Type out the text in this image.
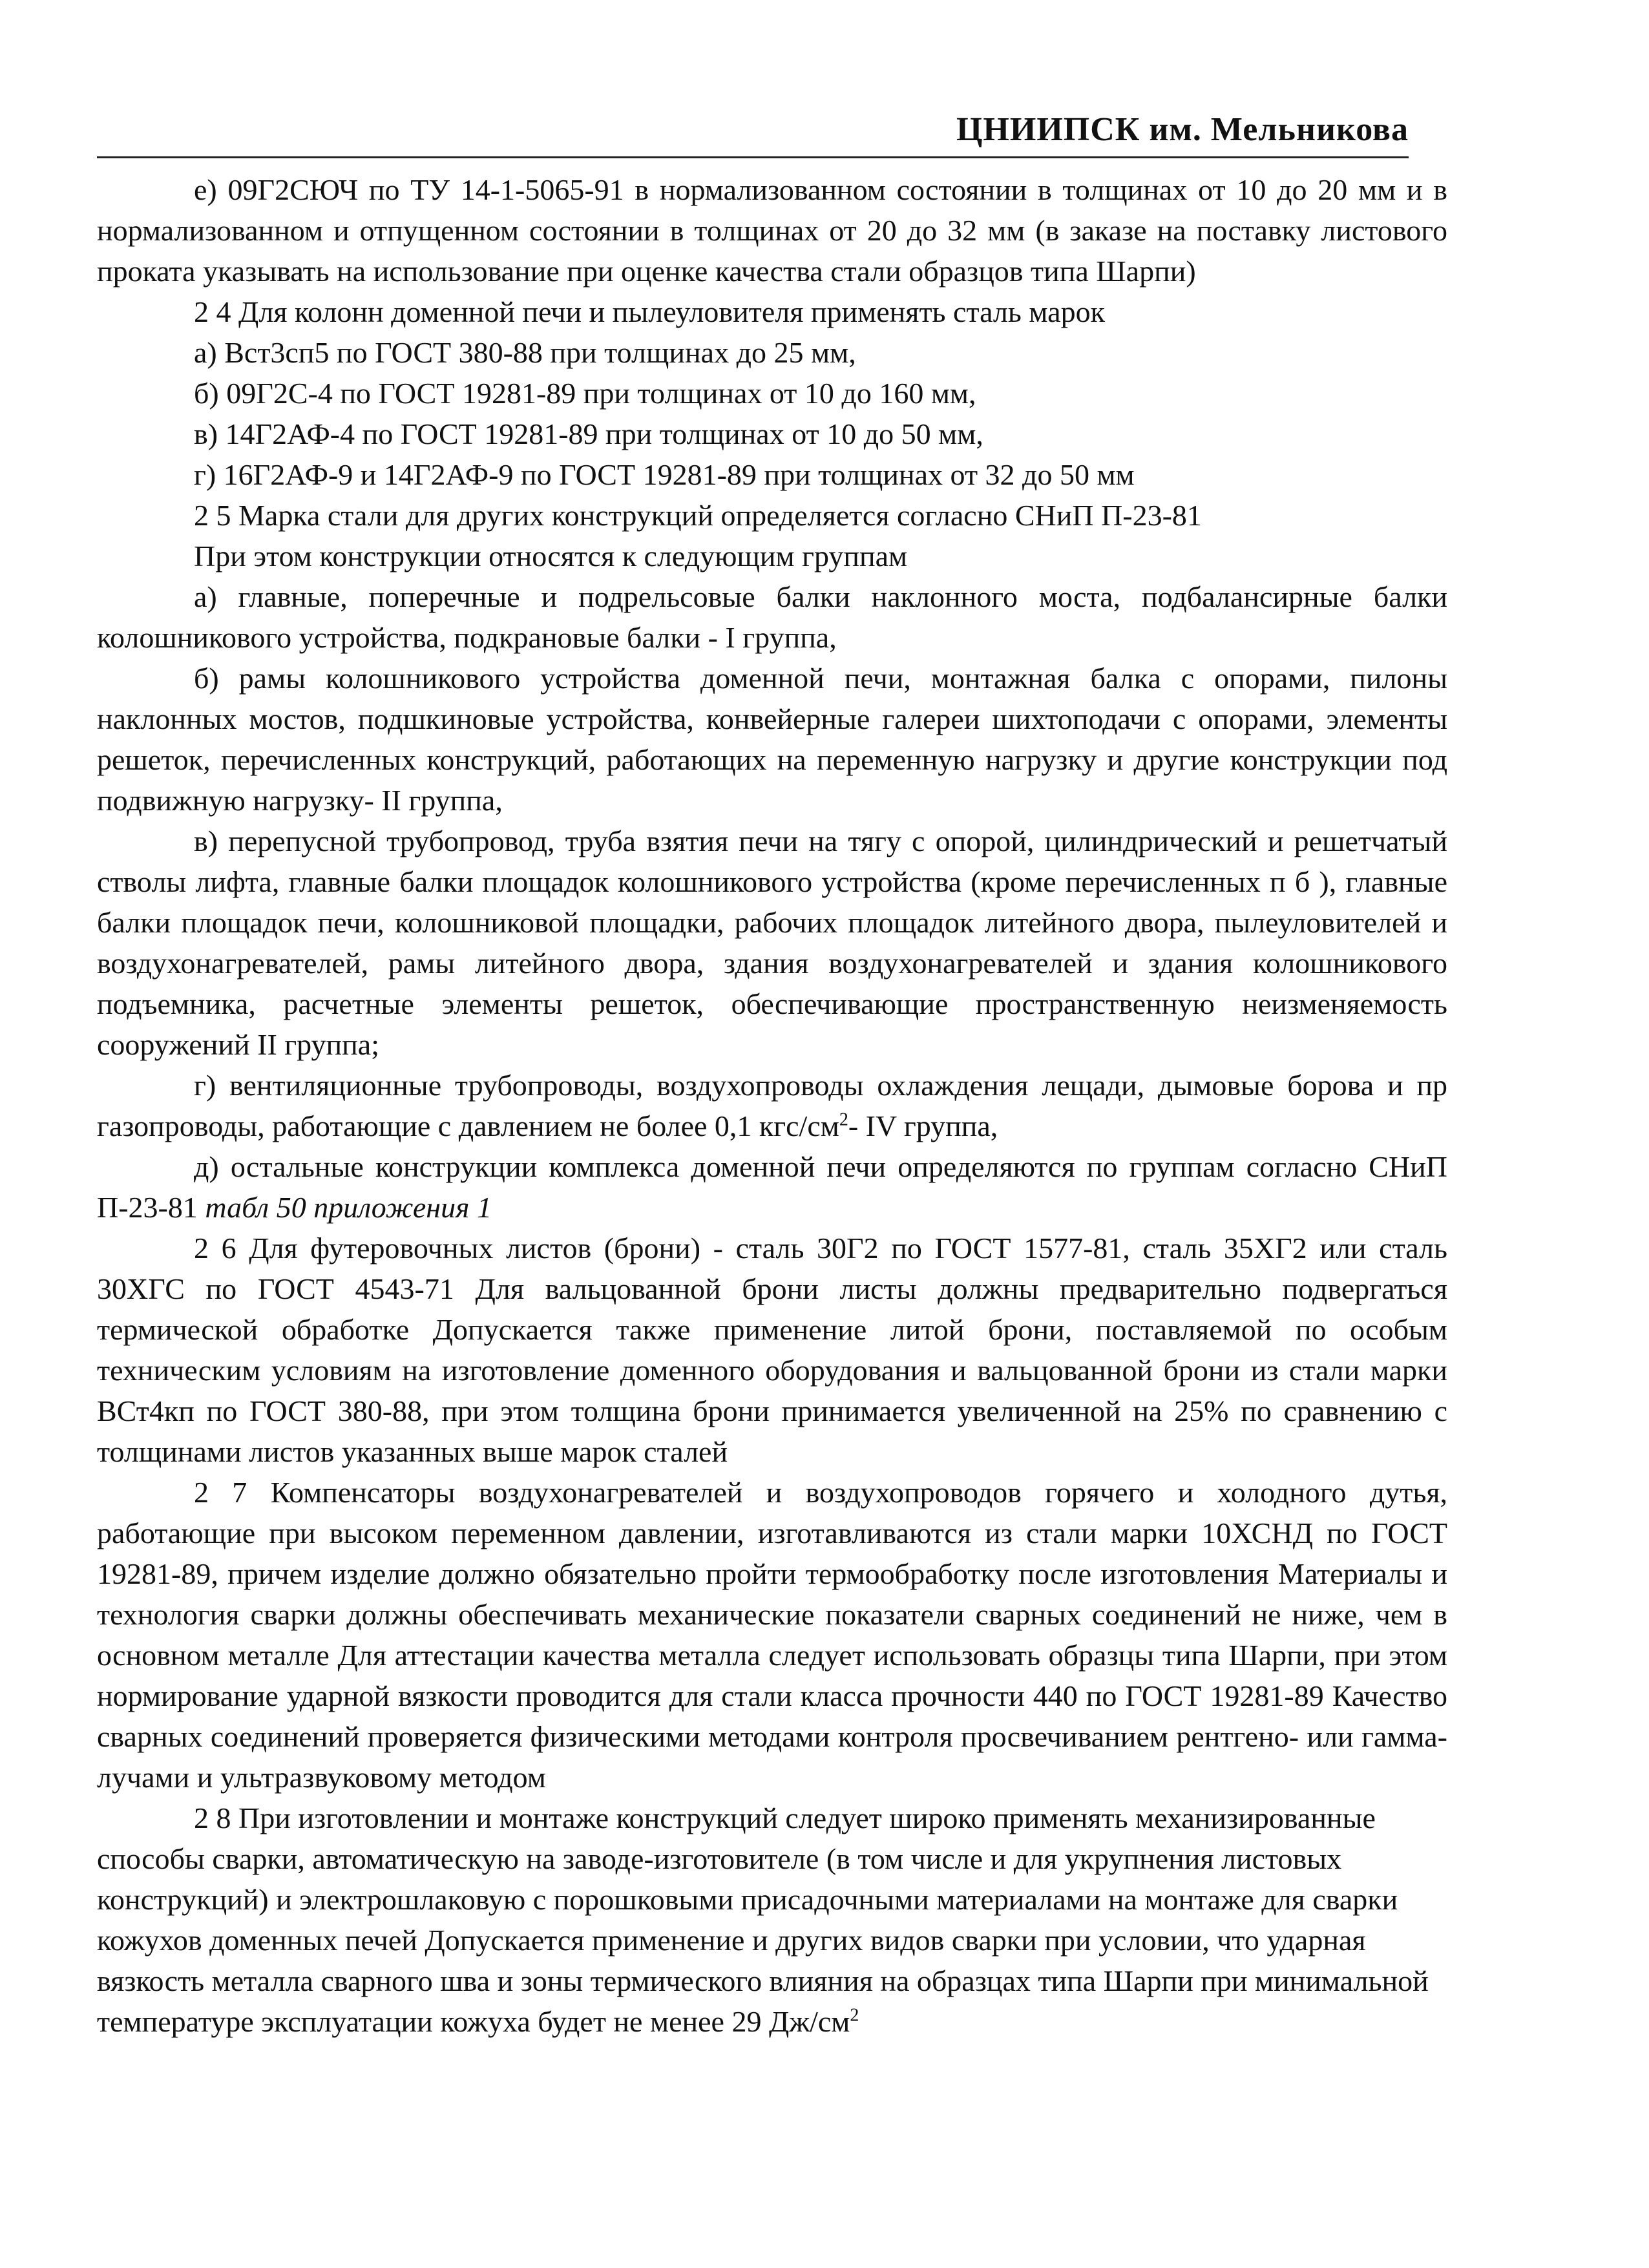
ЦНИИПСК им. Мельникова

е) 09Г2СЮЧ по ТУ 14-1-5065-91 в нормализованном состоянии в толщинах от 10 до 20 мм и в нормализованном и отпущенном состоянии в толщинах от 20 до 32 мм (в заказе на поставку листового проката указывать на использование при оценке качества стали образцов типа Шарпи)

2 4 Для колонн доменной печи и пылеуловителя применять сталь марок

а) Вст3сп5 по ГОСТ 380-88 при толщинах до 25 мм,

б) 09Г2С-4 по ГОСТ 19281-89 при толщинах от 10 до 160 мм,

в) 14Г2АФ-4 по ГОСТ 19281-89 при толщинах от 10 до 50 мм,

г) 16Г2АФ-9 и 14Г2АФ-9 по ГОСТ 19281-89 при толщинах от 32 до 50 мм

2 5 Марка стали для других конструкций определяется согласно СНиП П-23-81

При этом конструкции относятся к следующим группам

а) главные, поперечные и подрельсовые балки наклонного моста, подбалансирные балки колошникового устройства, подкрановые балки - I группа,

б) рамы колошникового устройства доменной печи, монтажная балка с опорами, пилоны наклонных мостов, подшкиновые устройства, конвейерные галереи шихтоподачи с опорами, элементы решеток, перечисленных конструкций, работающих на переменную нагрузку и другие конструкции под подвижную нагрузку- II группа,

в) перепусной трубопровод, труба взятия печи на тягу с опорой, цилиндрический и решетчатый стволы лифта, главные балки площадок колошникового устройства (кроме перечисленных п б ), главные балки площадок печи, колошниковой площадки, рабочих площадок литейного двора, пылеуловителей и воздухонагревателей, рамы литейного двора, здания воздухонагревателей и здания колошникового подъемника, расчетные элементы решеток, обеспечивающие пространственную неизменяемость сооружений II группа;

г) вентиляционные трубопроводы, воздухопроводы охлаждения лещади, дымовые борова и пр газопроводы, работающие с давлением не более 0,1 кгс/$см^2-$ IV группа,

д) остальные конструкции комплекса доменной печи определяются по группам согласно СНиП П-23-81 табл 50 приложения 1

2 6 Для футеровочных листов (брони) - сталь 30Г2 по ГОСТ 1577-81, сталь 35ХГ2 или сталь 30ХГС по ГОСТ 4543-71 Для вальцованной брони листы должны предварительно подвергаться термической обработке Допускается также применение литой брони, поставляемой по особым техническим условиям на изготовление доменного оборудования и вальцованной брони из стали марки ВСт4кп по ГОСТ 380-88, при этом толщина брони принимается увеличенной на 25% по сравнению с толщинами листов указанных выше марок сталей

2 7 Компенсаторы воздухонагревателей и воздухопроводов горячего и холодного дутья, работающие при высоком переменном давлении, изготавливаются из стали марки 10ХСНД по ГОСТ 19281-89, причем изделие должно обязательно пройти термообработку после изготовления Материалы и технология сварки должны обеспечивать механические показатели сварных соединений не ниже, чем в основном металле Для аттестации качества металла следует использовать образцы типа Шарпи, при этом нормирование ударной вязкости проводится для стали класса прочности 440 по ГОСТ 19281-89 Качество сварных соединений проверяется физическими методами контроля просвечиванием рентгено- или гамма-лучами и ультразвуковому методом

2 8 При изготовлении и монтаже конструкций следует широко применять механизированные способы сварки, автоматическую на заводе-изготовителе (в том числе и для укрупнения листовых конструкций) и электрошлаковую с порошковыми присадочными материалами на монтаже для сварки кожухов доменных печей Допускается применение и других видов сварки при условии, что ударная вязкость металла сварного шва и зоны термического влияния на образцах типа Шарпи при минимальной температуре эксплуатации кожуха будет не менее 29 $Дж/см^2$
